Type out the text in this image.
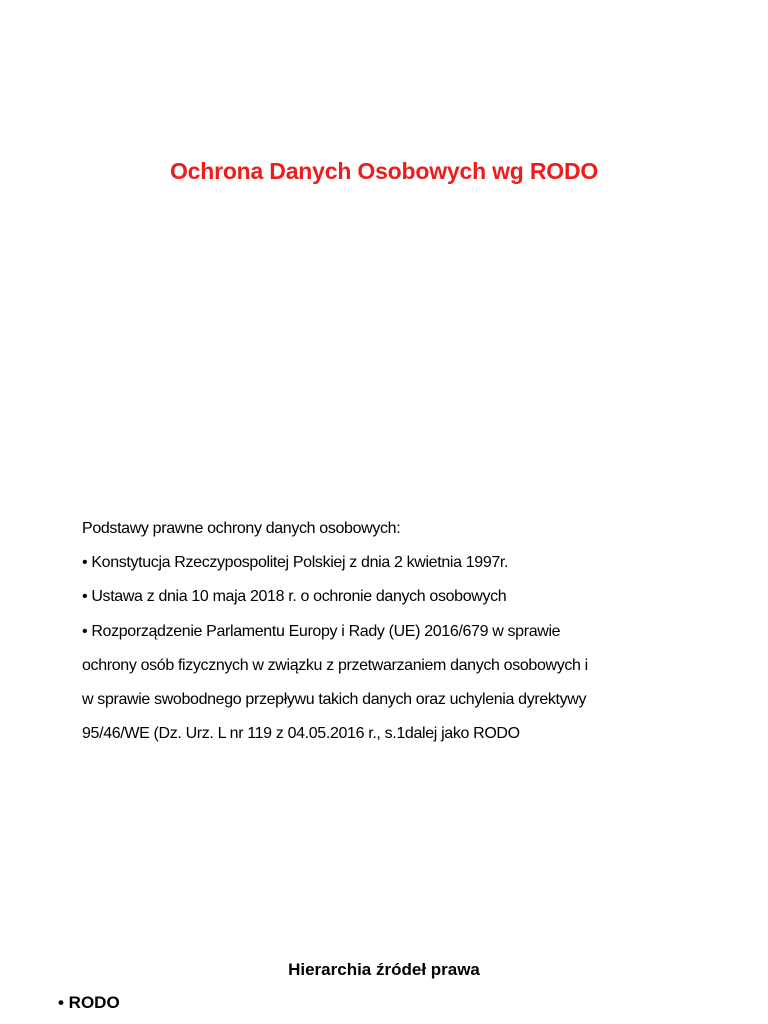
Ochrona Danych Osobowych wg RODO

Podstawy prawne ochrony danych osobowych:

• Konstytucja Rzeczypospolitej Polskiej z dnia 2 kwietnia 1997r.

• Ustawa z dnia 10 maja 2018 r. o ochronie danych osobowych

• Rozporządzenie Parlamentu Europy i Rady (UE) 2016/679 w sprawie

ochrony osób fizycznych w związku z przetwarzaniem danych osobowych i

w sprawie swobodnego przepływu takich danych oraz uchylenia dyrektywy

95/46/WE (Dz. Urz. L nr 119 z 04.05.2016 r., s.1dalej jako RODO

Hierarchia źródeł prawa
• RODO
